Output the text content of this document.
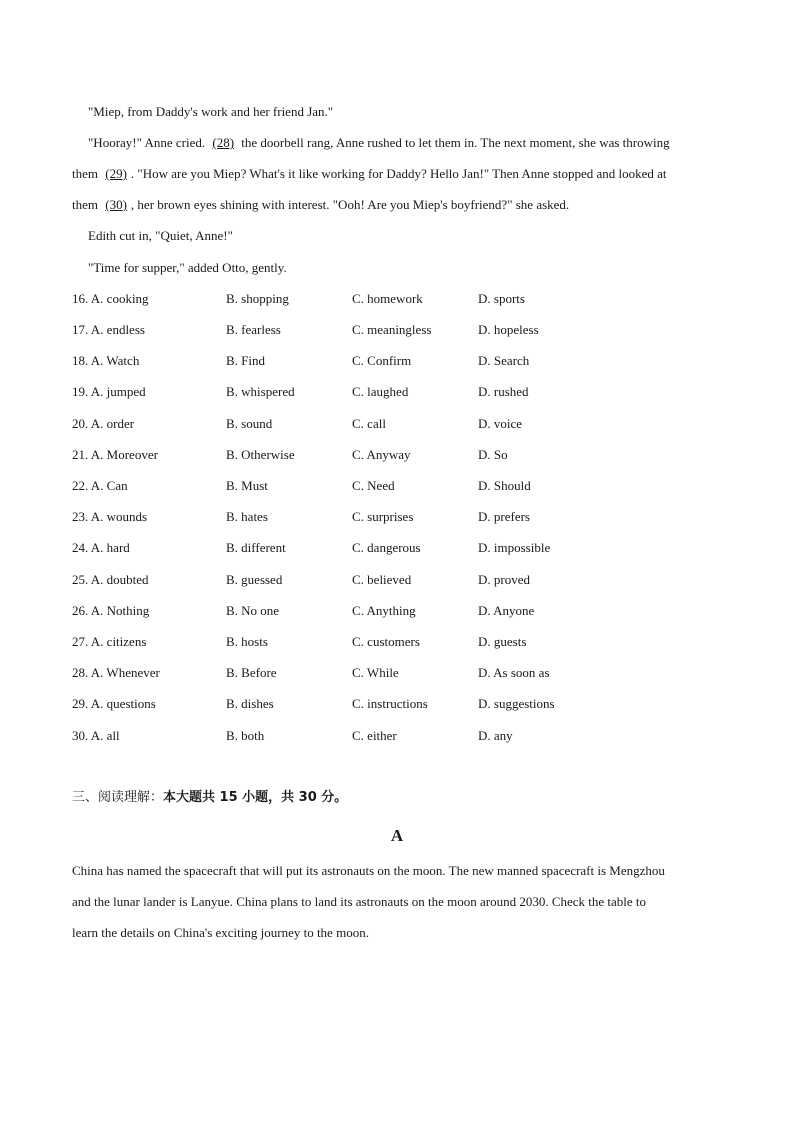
"Miep, from Daddy's work and her friend Jan."
"Hooray!" Anne cried. (28) the doorbell rang, Anne rushed to let them in. The next moment, she was throwing
them (29) . "How are you Miep? What's it like working for Daddy? Hello Jan!" Then Anne stopped and looked at
them (30) , her brown eyes shining with interest. "Ooh! Are you Miep's boyfriend?" she asked.
Edith cut in, "Quiet, Anne!"
"Time for supper," added Otto, gently.
16. A. cooking	B. shopping	C. homework	D. sports
17. A. endless	B. fearless	C. meaningless	D. hopeless
18. A. Watch	B. Find	C. Confirm	D. Search
19. A. jumped	B. whispered	C. laughed	D. rushed
20. A. order	B. sound	C. call	D. voice
21. A. Moreover	B. Otherwise	C. Anyway	D. So
22. A. Can	B. Must	C. Need	D. Should
23. A. wounds	B. hates	C. surprises	D. prefers
24. A. hard	B. different	C. dangerous	D. impossible
25. A. doubted	B. guessed	C. believed	D. proved
26. A. Nothing	B. No one	C. Anything	D. Anyone
27. A. citizens	B. hosts	C. customers	D. guests
28. A. Whenever	B. Before	C. While	D. As soon as
29. A. questions	B. dishes	C. instructions	D. suggestions
30. A. all	B. both	C. either	D. any
三、阅读理解：本大题共 15 小题，共 30 分。
A
China has named the spacecraft that will put its astronauts on the moon. The new manned spacecraft is Mengzhou
and the lunar lander is Lanyue. China plans to land its astronauts on the moon around 2030. Check the table to
learn the details on China's exciting journey to the moon.
